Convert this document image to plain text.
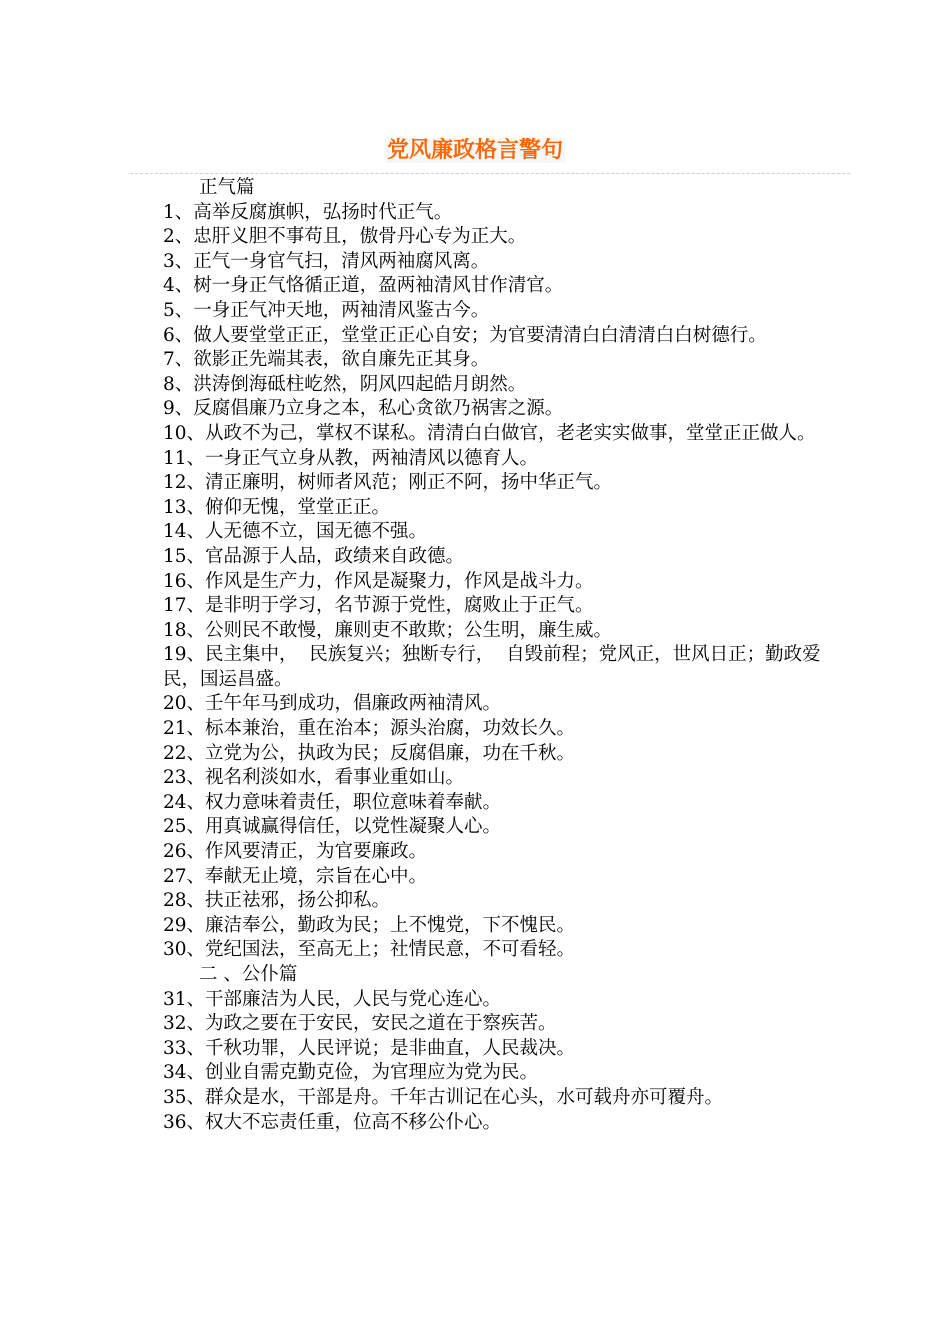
党风廉政格言警句
正气篇
1、高举反腐旗帜，弘扬时代正气。
2、忠肝义胆不事苟且，傲骨丹心专为正大。
3、正气一身官气扫，清风两袖腐风离。
4、树一身正气恪循正道，盈两袖清风甘作清官。
5、一身正气冲天地，两袖清风鉴古今。
6、做人要堂堂正正，堂堂正正心自安；为官要清清白白清清白白树德行。
7、欲影正先端其表，欲自廉先正其身。
8、洪涛倒海砥柱屹然，阴风四起皓月朗然。
9、反腐倡廉乃立身之本，私心贪欲乃祸害之源。
10、从政不为己，掌权不谋私。清清白白做官，老老实实做事，堂堂正正做人。
11、一身正气立身从教，两袖清风以德育人。
12、清正廉明，树师者风范；刚正不阿，扬中华正气。
13、俯仰无愧，堂堂正正。
14、人无德不立，国无德不强。
15、官品源于人品，政绩来自政德。
16、作风是生产力，作风是凝聚力，作风是战斗力。
17、是非明于学习，名节源于党性，腐败止于正气。
18、公则民不敢慢，廉则吏不敢欺；公生明，廉生威。
19、民主集中，  民族复兴；独断专行，  自毁前程；党风正，世风日正；勤政爱民，国运昌盛。
20、壬午年马到成功，倡廉政两袖清风。
21、标本兼治，重在治本；源头治腐，功效长久。
22、立党为公，执政为民；反腐倡廉，功在千秋。
23、视名利淡如水，看事业重如山。
24、权力意味着责任，职位意味着奉献。
25、用真诚赢得信任，以党性凝聚人心。
26、作风要清正，为官要廉政。
27、奉献无止境，宗旨在心中。
28、扶正祛邪，扬公抑私。
29、廉洁奉公，勤政为民；上不愧党，下不愧民。
30、党纪国法，至高无上；社情民意，不可看轻。
二 、公仆篇
31、干部廉洁为人民，人民与党心连心。
32、为政之要在于安民，安民之道在于察疾苦。
33、千秋功罪，人民评说；是非曲直，人民裁决。
34、创业自需克勤克俭，为官理应为党为民。
35、群众是水，干部是舟。千年古训记在心头，水可载舟亦可覆舟。
36、权大不忘责任重，位高不移公仆心。
